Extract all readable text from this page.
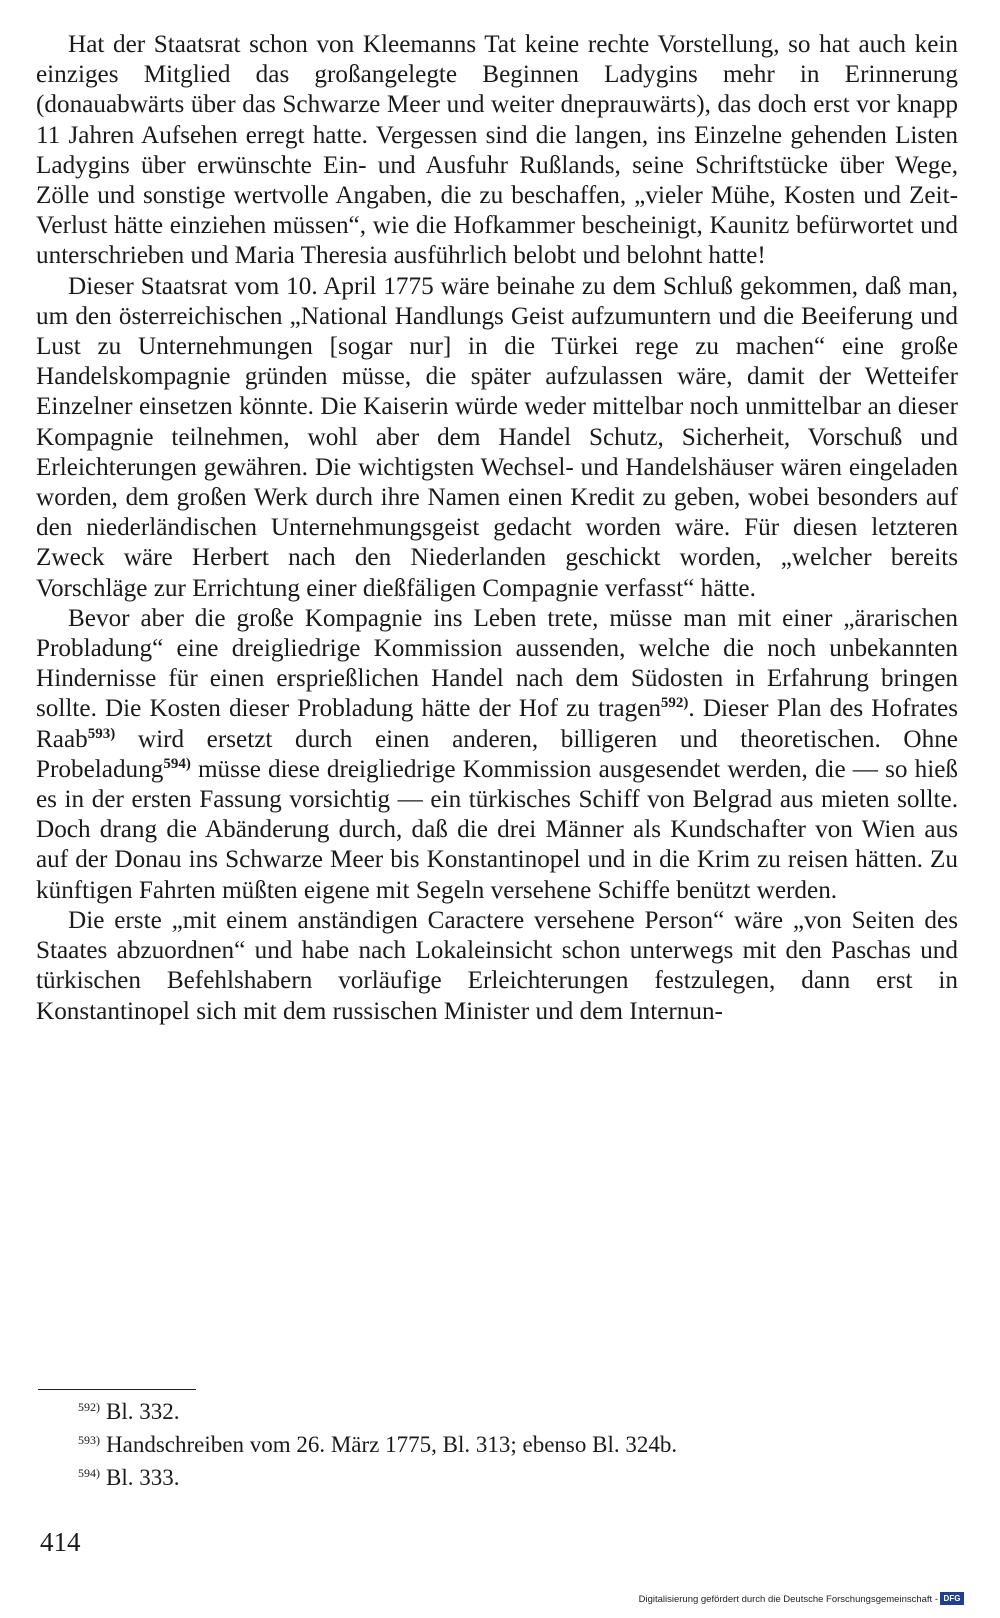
Hat der Staatsrat schon von Kleemanns Tat keine rechte Vorstellung, so hat auch kein einziges Mitglied das großangelegte Beginnen Ladygins mehr in Erinnerung (donauabwärts über das Schwarze Meer und weiter dneprauwärts), das doch erst vor knapp 11 Jahren Aufsehen erregt hatte. Vergessen sind die langen, ins Einzelne gehenden Listen Ladygins über erwünschte Ein- und Ausfuhr Rußlands, seine Schriftstücke über Wege, Zölle und sonstige wertvolle Angaben, die zu beschaffen, „vieler Mühe, Kosten und Zeit-Verlust hätte einziehen müssen“, wie die Hofkammer bescheinigt, Kaunitz befürwortet und unterschrieben und Maria Theresia ausführlich belobt und belohnt hatte!

Dieser Staatsrat vom 10. April 1775 wäre beinahe zu dem Schluß gekommen, daß man, um den österreichischen „National Handlungs Geist aufzumuntern und die Beeiferung und Lust zu Unternehmungen [sogar nur] in die Türkei rege zu machen“ eine große Handelskompagnie gründen müsse, die später aufzulassen wäre, damit der Wetteifer Einzelner einsetzen könnte. Die Kaiserin würde weder mittelbar noch unmittelbar an dieser Kompagnie teilnehmen, wohl aber dem Handel Schutz, Sicherheit, Vorschuß und Erleichterungen gewähren. Die wichtigsten Wechsel- und Handelshäuser wären eingeladen worden, dem großen Werk durch ihre Namen einen Kredit zu geben, wobei besonders auf den niederländischen Unternehmungsgeist gedacht worden wäre. Für diesen letzteren Zweck wäre Herbert nach den Niederlanden geschickt worden, „welcher bereits Vorschläge zur Errichtung einer dießfäligen Compagnie verfasst“ hätte.

Bevor aber die große Kompagnie ins Leben trete, müsse man mit einer „ärarischen Probladung“ eine dreigliedrige Kommission aussenden, welche die noch unbekannten Hindernisse für einen ersprießlichen Handel nach dem Südosten in Erfahrung bringen sollte. Die Kosten dieser Probladung hätte der Hof zu tragen$^{592)}$. Dieser Plan des Hofrates Raab$^{593)}$ wird ersetzt durch einen anderen, billigeren und theoretischen. Ohne Probeladung$^{594)}$ müsse diese dreigliedrige Kommission ausgesendet werden, die — so hieß es in der ersten Fassung vorsichtig — ein türkisches Schiff von Belgrad aus mieten sollte. Doch drang die Abänderung durch, daß die drei Männer als Kundschafter von Wien aus auf der Donau ins Schwarze Meer bis Konstantinopel und in die Krim zu reisen hätten. Zu künftigen Fahrten müßten eigene mit Segeln versehene Schiffe benützt werden.

Die erste „mit einem anständigen Caractere versehene Person“ wäre „von Seiten des Staates abzuordnen“ und habe nach Lokaleinsicht schon unterwegs mit den Paschas und türkischen Befehlshabern vorläufige Erleichterungen festzulegen, dann erst in Konstantinopel sich mit dem russischen Minister und dem Internun-

$^{592)}$ Bl. 332.
$^{593)}$ Handschreiben vom 26. März 1775, Bl. 313; ebenso Bl. 324b.
$^{594)}$ Bl. 333.
414
Digitalisierung gefördert durch die Deutsche Forschungsgemeinschaft - DFG
